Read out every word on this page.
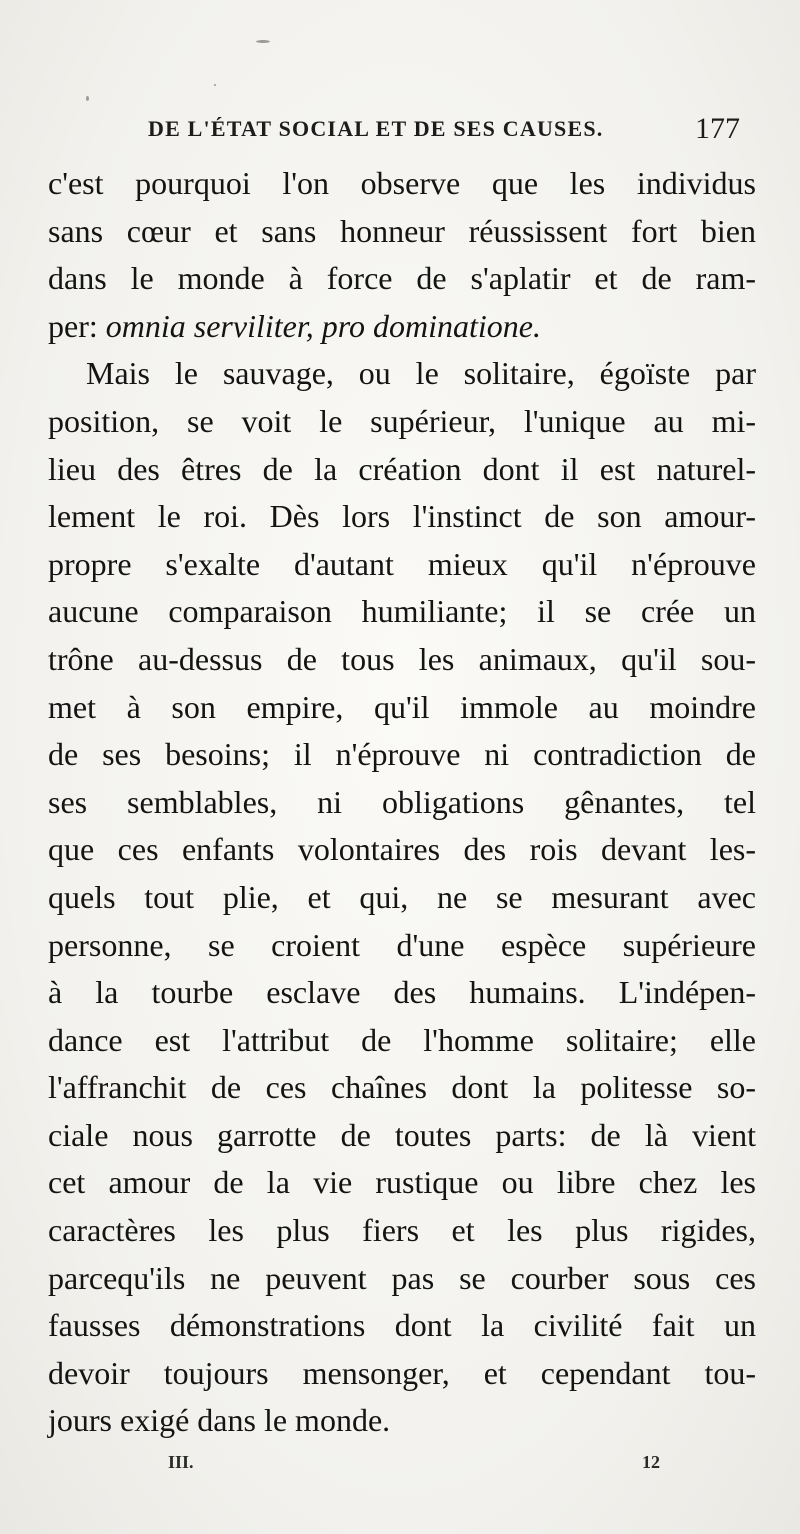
DE L'ÉTAT SOCIAL ET DE SES CAUSES.	177
c'est pourquoi l'on observe que les individus
sans cœur et sans honneur réussissent fort bien
dans le monde à force de s'aplatir et de ram-
per: omnia serviliter, pro dominatione.
Mais le sauvage, ou le solitaire, égoïste par
position, se voit le supérieur, l'unique au mi-
lieu des êtres de la création dont il est naturel-
lement le roi. Dès lors l'instinct de son amour-
propre s'exalte d'autant mieux qu'il n'éprouve
aucune comparaison humiliante; il se crée un
trône au-dessus de tous les animaux, qu'il sou-
met à son empire, qu'il immole au moindre
de ses besoins; il n'éprouve ni contradiction de
ses semblables, ni obligations gênantes, tel
que ces enfants volontaires des rois devant les-
quels tout plie, et qui, ne se mesurant avec
personne, se croient d'une espèce supérieure
à la tourbe esclave des humains. L'indépen-
dance est l'attribut de l'homme solitaire; elle
l'affranchit de ces chaînes dont la politesse so-
ciale nous garrotte de toutes parts: de là vient
cet amour de la vie rustique ou libre chez les
caractères les plus fiers et les plus rigides,
parcequ'ils ne peuvent pas se courber sous ces
fausses démonstrations dont la civilité fait un
devoir toujours mensonger, et cependant tou-
jours exigé dans le monde.
III.	12
